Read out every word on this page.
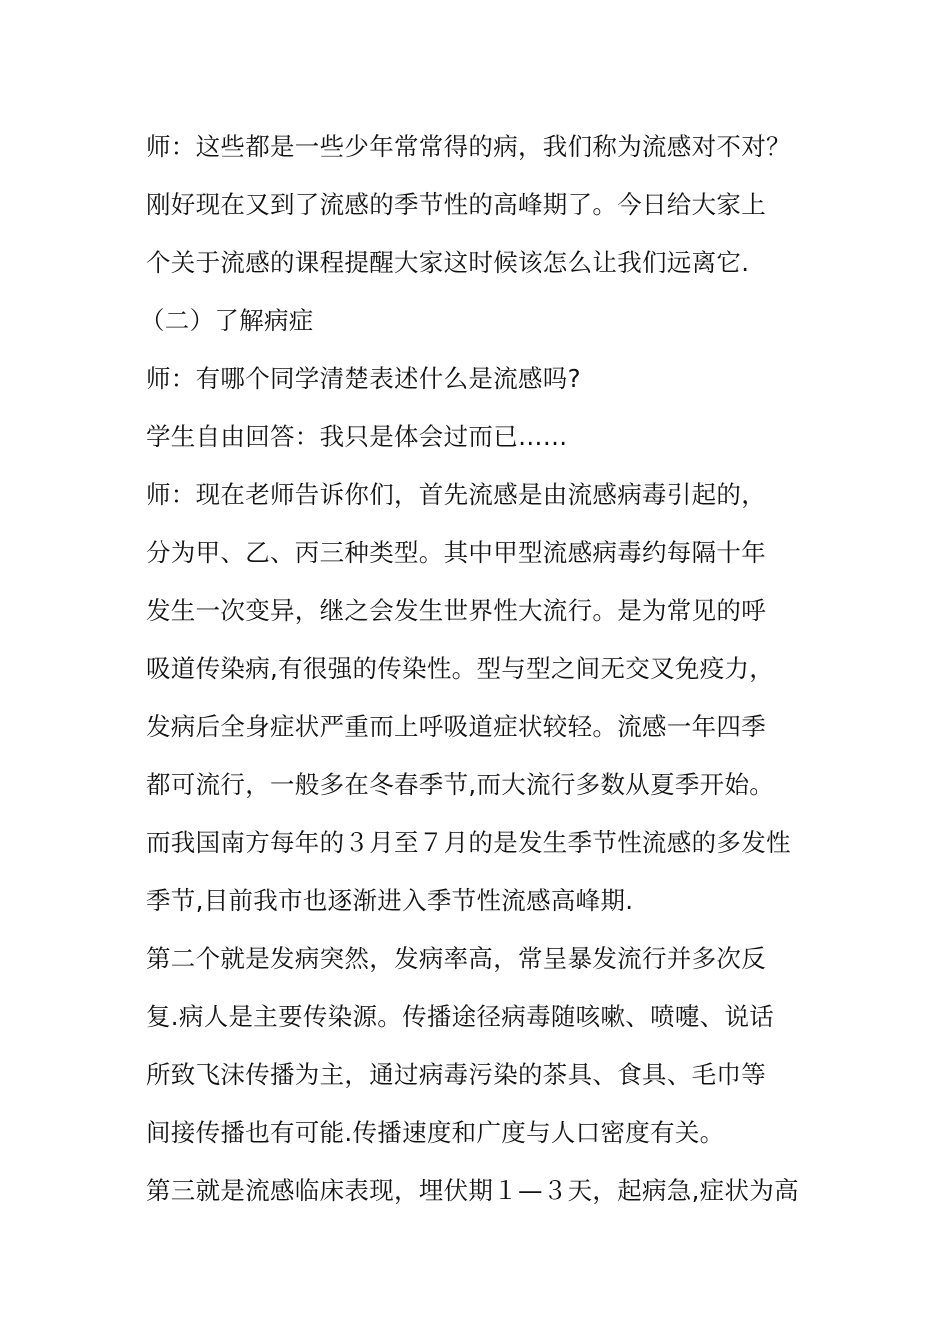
师：这些都是一些少年常常得的病，我们称为流感对不对？
刚好现在又到了流感的季节性的高峰期了。今日给大家上
个关于流感的课程提醒大家这时候该怎么让我们远离它.
（二）了解病症
师：有哪个同学清楚表述什么是流感吗?
学生自由回答：我只是体会过而已……
师：现在老师告诉你们，首先流感是由流感病毒引起的，
分为甲、乙、丙三种类型。其中甲型流感病毒约每隔十年
发生一次变异，继之会发生世界性大流行。是为常见的呼
吸道传染病,有很强的传染性。型与型之间无交叉免疫力，
发病后全身症状严重而上呼吸道症状较轻。流感一年四季
都可流行，一般多在冬春季节,而大流行多数从夏季开始。
而我国南方每年的３月至７月的是发生季节性流感的多发性
季节,目前我市也逐渐进入季节性流感高峰期.
第二个就是发病突然，发病率高，常呈暴发流行并多次反
复.病人是主要传染源。传播途径病毒随咳嗽、喷嚏、说话
所致飞沫传播为主，通过病毒污染的茶具、食具、毛巾等
间接传播也有可能.传播速度和广度与人口密度有关。
第三就是流感临床表现，埋伏期１—３天，起病急,症状为高
